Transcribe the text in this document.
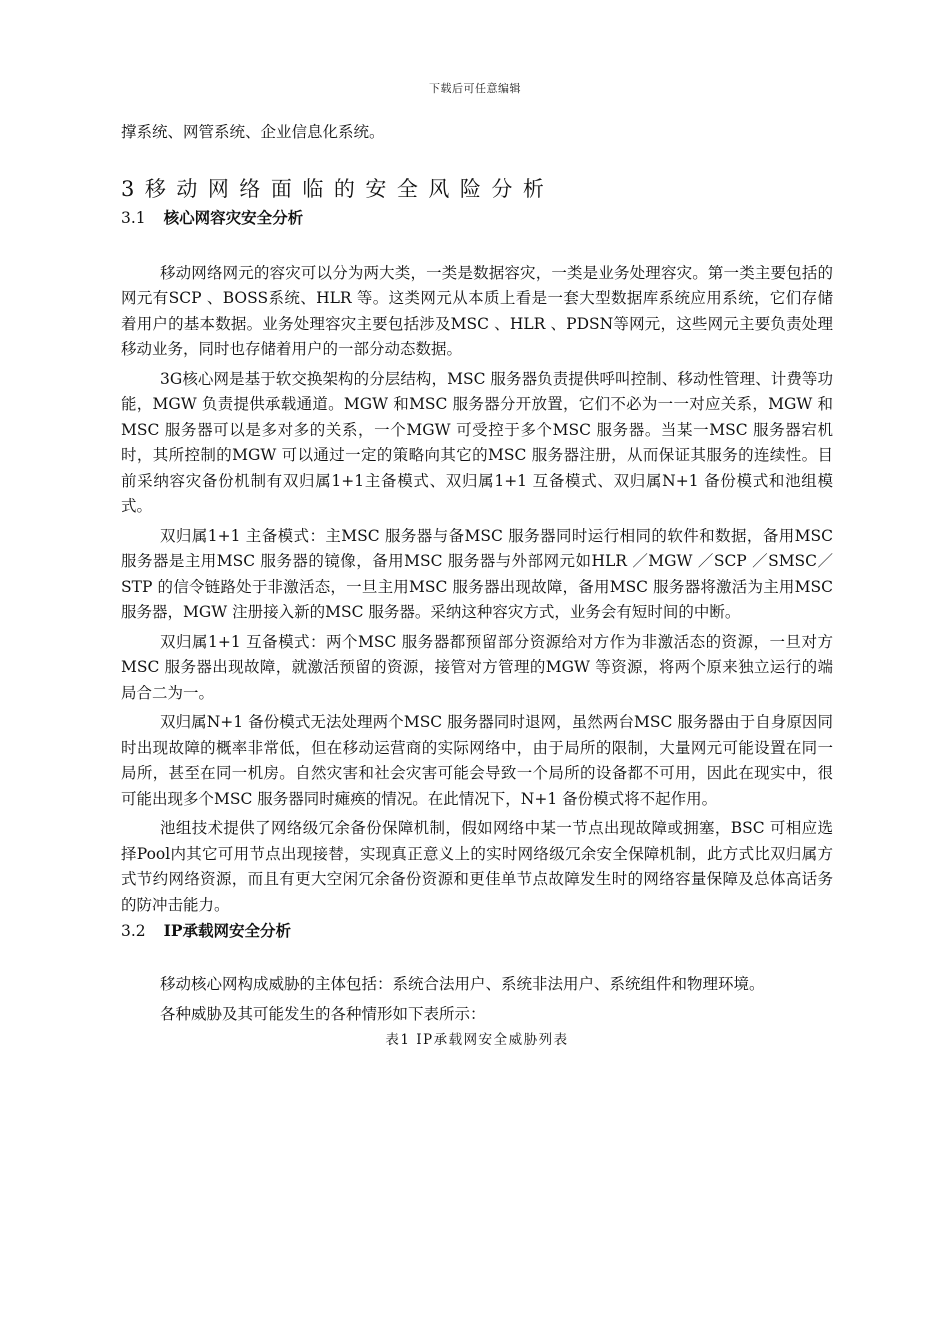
下载后可任意编辑

撑系统、网管系统、企业信息化系统。

3移动网络面临的安全风险分析
3.1 核心网容灾安全分析

移动网络网元的容灾可以分为两大类，一类是数据容灾，一类是业务处理容灾。第一类主要包括的网元有SCP 、BOSS系统、HLR 等。这类网元从本质上看是一套大型数据库系统应用系统，它们存储着用户的基本数据。业务处理容灾主要包括涉及MSC 、HLR 、PDSN等网元，这些网元主要负责处理移动业务，同时也存储着用户的一部分动态数据。

3G核心网是基于软交换架构的分层结构，MSC 服务器负责提供呼叫控制、移动性管理、计费等功能，MGW 负责提供承载通道。MGW 和MSC 服务器分开放置，它们不必为一一对应关系，MGW 和MSC 服务器可以是多对多的关系，一个MGW 可受控于多个MSC 服务器。当某一MSC 服务器宕机时，其所控制的MGW 可以通过一定的策略向其它的MSC 服务器注册，从而保证其服务的连续性。目前采纳容灾备份机制有双归属1+1主备模式、双归属1+1 互备模式、双归属N+1 备份模式和池组模式。

双归属1+1 主备模式：主MSC 服务器与备MSC 服务器同时运行相同的软件和数据，备用MSC 服务器是主用MSC 服务器的镜像，备用MSC 服务器与外部网元如HLR ／MGW ／SCP ／SMSC／STP 的信令链路处于非激活态，一旦主用MSC 服务器出现故障，备用MSC 服务器将激活为主用MSC 服务器，MGW 注册接入新的MSC 服务器。采纳这种容灾方式，业务会有短时间的中断。

双归属1+1 互备模式：两个MSC 服务器都预留部分资源给对方作为非激活态的资源，一旦对方MSC 服务器出现故障，就激活预留的资源，接管对方管理的MGW 等资源，将两个原来独立运行的端局合二为一。

双归属N+1 备份模式无法处理两个MSC 服务器同时退网，虽然两台MSC 服务器由于自身原因同时出现故障的概率非常低，但在移动运营商的实际网络中，由于局所的限制，大量网元可能设置在同一局所，甚至在同一机房。自然灾害和社会灾害可能会导致一个局所的设备都不可用，因此在现实中，很可能出现多个MSC 服务器同时瘫痪的情况。在此情况下，N+1 备份模式将不起作用。

池组技术提供了网络级冗余备份保障机制，假如网络中某一节点出现故障或拥塞，BSC 可相应选择Pool内其它可用节点出现接替，实现真正意义上的实时网络级冗余安全保障机制，此方式比双归属方式节约网络资源，而且有更大空闲冗余备份资源和更佳单节点故障发生时的网络容量保障及总体高话务的防冲击能力。

3.2 IP承载网安全分析

移动核心网构成威胁的主体包括：系统合法用户、系统非法用户、系统组件和物理环境。

各种威胁及其可能发生的各种情形如下表所示：

表1 IP承载网安全威胁列表
